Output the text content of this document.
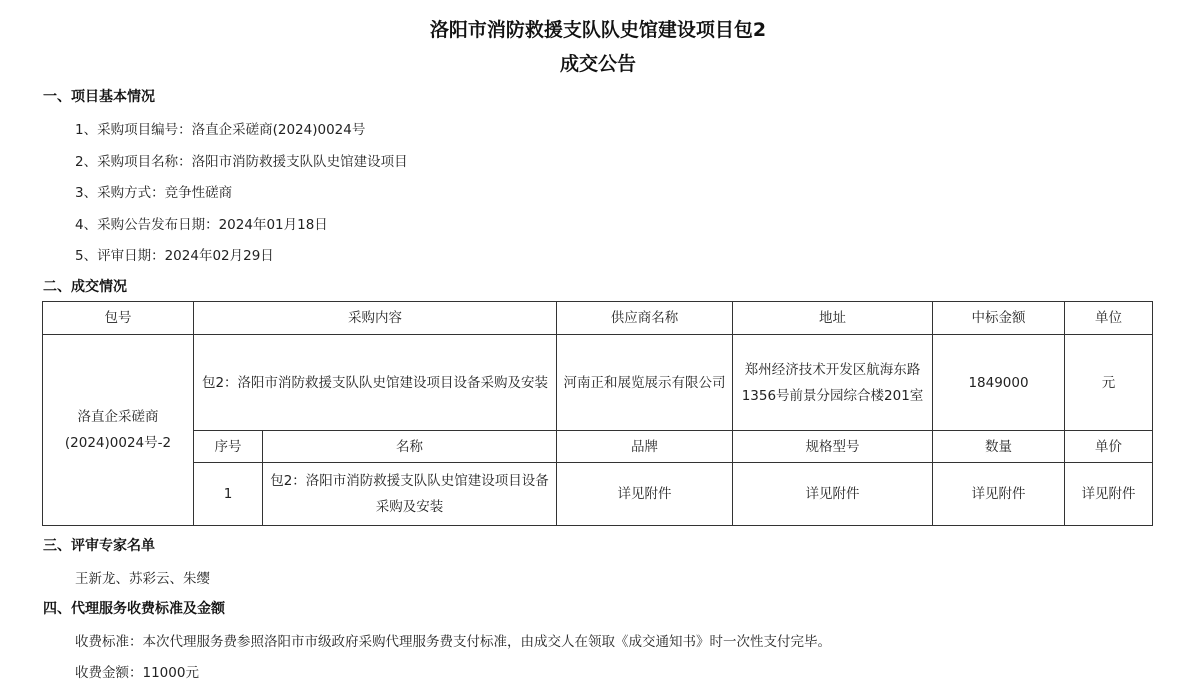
洛阳市消防救援支队队史馆建设项目包2
成交公告
一、项目基本情况
1、采购项目编号：洛直企采磋商(2024)0024号
2、采购项目名称：洛阳市消防救援支队队史馆建设项目
3、采购方式：竞争性磋商
4、采购公告发布日期：2024年01月18日
5、评审日期：2024年02月29日
二、成交情况
包号	采购内容		供应商名称	地址	中标金额	单位
洛直企采磋商(2024)0024号-2	包2：洛阳市消防救援支队队史馆建设项目设备采购及安装		河南正和展览展示有限公司	郑州经济技术开发区航海东路1356号前景分园综合楼201室	1849000	元
	序号	名称	品牌	规格型号	数量	单价
	1	包2：洛阳市消防救援支队队史馆建设项目设备采购及安装	详见附件	详见附件	详见附件	详见附件
三、评审专家名单
王新龙、苏彩云、朱缨
四、代理服务收费标准及金额
收费标准：本次代理服务费参照洛阳市市级政府采购代理服务费支付标准，由成交人在领取《成交通知书》时一次性支付完毕。
收费金额：11000元
